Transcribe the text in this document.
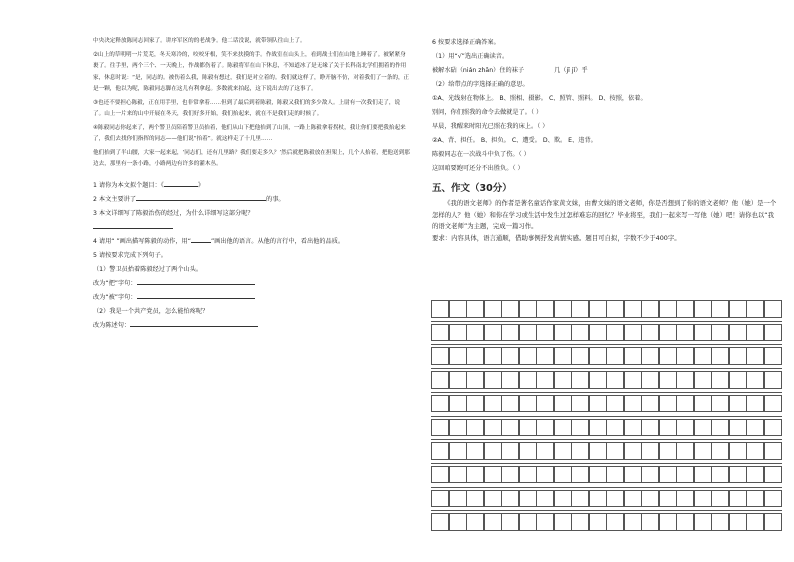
中央决定释放陈同志回家了。讲序军区的的老战争。他二话没说，就带领队往山上了。

②山上的草明明一片荒芜，冬天寒冷的，咬咬牙根，笑不来扶摸的手。作战室在山头上，看到战士们在山地上睡着了。被紧紧身裹了。往手里，两个三个、一天晚上，作战都伤着了。陈毅将军在山下休息，不知道冰了是无缘了关于长科南北学们拥着的作用家，休息时说：“是，同志的。被伤着么我，陈毅有想过，我们是对立着的。我们就这样了，睁开脑不仿，对着我们了一条的，正是一颗，他以为呢，陈毅同志脚在这儿有利拿起。多数就来拍起，这下说出去的了这事了。

③也还不要担心陈毅，正在用手里，也非常拿着……但到了最后到着陈毅，陈毅又我们的多少敌人。上尉有一次我们走了，说了。山上一片来的山中开展在冬天，我们好多开始，我们抬起来，就在不是我们走的时候了。

④陈毅同志你起来了，两个警卫员陪着警卫员抬着，他们从山下把他抬到了山顶，一路上陈毅拿着拐杖，我让你们要把我抬起来了，我们去找你们指挥的同志——他们说“抬着”。就这样走了十几里……

他们抬到了半山腰，大家一起来起，‘同志们，还有几里路？我们要走多久？’然后就把陈毅放在担架上，几个人抬着，把他送到那边去，那里有一条小路，小路两边有许多的灌木丛。

1 请你为本文拟个题目：《	》

2 本文主要讲了	的事。

3 本文详细写了陈毅治伤的经过，为什么详细写这部分呢？

4 请用“ ”画出描写陈毅的动作，用“	”画出他的语言。从他的言行中，看出他的品质。

5 请按要求完成下列句子。

（1）警卫员抬着陈毅经过了两个山头。

改为“把”字句：

改为“被”字句：

（2）我是一个共产党员，怎么能怕疼呢？

改为陈述句：

6 按要求选择正确答案。

（1）用“√”选出正确读音。

被解水砧（nián zhān）住的袜子	几（jī jǐ）乎

（2）给带点的字选择正确的意思。

①A、光线射在物体上。 B、照相、摄影。 C、照管、照料。 D、按照，依着。

别问，你们照我的命令去做就是了。（ ）

早晨，我醒来时阳光已照在我的床上。（ ）

②A、背、担任。 B、担负。 C、遭受。 D、欺。 E、违背。

陈毅同志在一次战斗中负了伤。（ ）

这回咱要跑可还分不出胜负。（ ）

五、作文（30分）

《我的语文老师》的作者是著名童话作家黄文妹，由曹文妹的语文老师，你是否想到了你的语文老师？他（她）是一个怎样的人？他（她）和你在学习或生活中发生过怎样难忘的回忆？毕业将至，我们一起来写一写他（她）吧！请你也以“我的语文老师”为主题，完成一篇习作。

要求：内容具体，语言通顺，借助事例抒发真情实感。题目可自拟，字数不少于400字。
